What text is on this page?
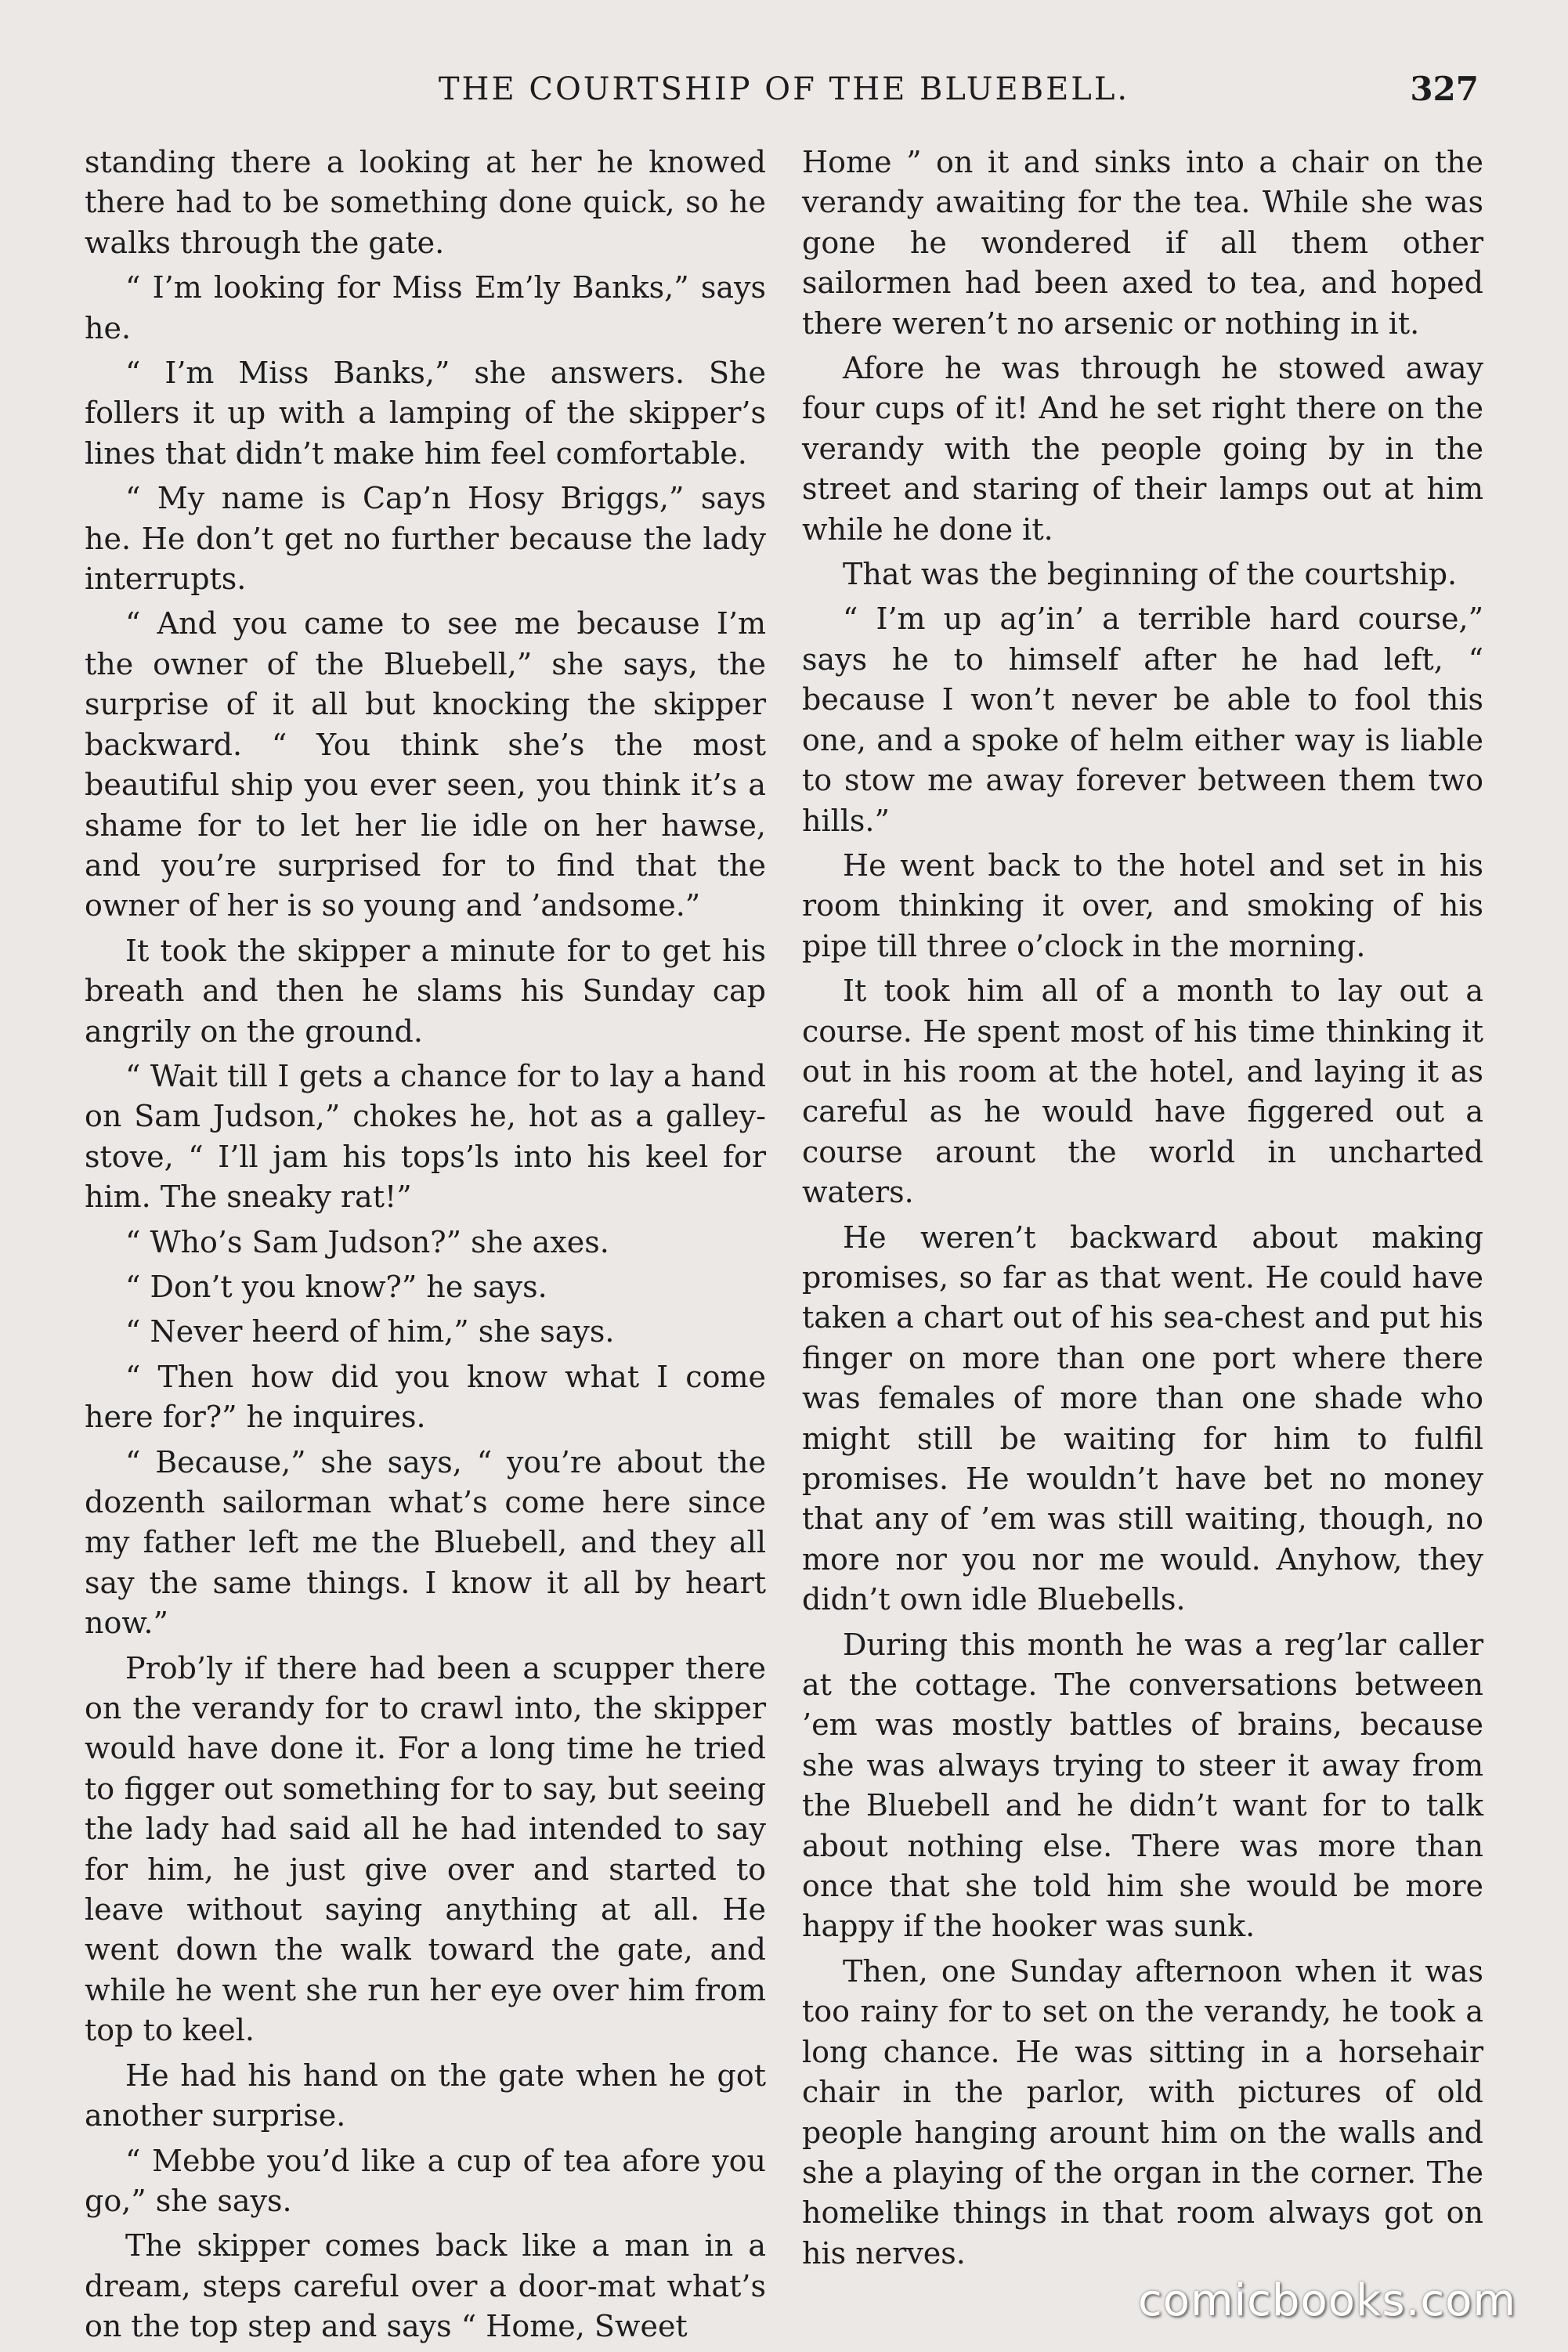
THE COURTSHIP OF THE BLUEBELL.	327

standing there a looking at her he knowed there had to be something done quick, so he walks through the gate.

“ I’m looking for Miss Em’ly Banks,” says he.

“ I’m Miss Banks,” she answers. She follers it up with a lamping of the skipper’s lines that didn’t make him feel comfortable.

“ My name is Cap’n Hosy Briggs,” says he. He don’t get no further because the lady interrupts.

“ And you came to see me because I’m the owner of the Bluebell,” she says, the surprise of it all but knocking the skipper backward. “ You think she’s the most beautiful ship you ever seen, you think it’s a shame for to let her lie idle on her hawse, and you’re surprised for to find that the owner of her is so young and ’andsome.”

It took the skipper a minute for to get his breath and then he slams his Sunday cap angrily on the ground.

“ Wait till I gets a chance for to lay a hand on Sam Judson,” chokes he, hot as a galley-stove, “ I’ll jam his tops’ls into his keel for him. The sneaky rat!”

“ Who’s Sam Judson?” she axes.

“ Don’t you know?” he says.

“ Never heerd of him,” she says.

“ Then how did you know what I come here for?” he inquires.

“ Because,” she says, “ you’re about the dozenth sailorman what’s come here since my father left me the Bluebell, and they all say the same things. I know it all by heart now.”

Prob’ly if there had been a scupper there on the verandy for to crawl into, the skipper would have done it. For a long time he tried to figger out something for to say, but seeing the lady had said all he had intended to say for him, he just give over and started to leave without saying anything at all. He went down the walk toward the gate, and while he went she run her eye over him from top to keel.

He had his hand on the gate when he got another surprise.

“ Mebbe you’d like a cup of tea afore you go,” she says.

The skipper comes back like a man in a dream, steps careful over a door-mat what’s on the top step and says “ Home, Sweet

Home ” on it and sinks into a chair on the verandy awaiting for the tea. While she was gone he wondered if all them other sailormen had been axed to tea, and hoped there weren’t no arsenic or nothing in it.

Afore he was through he stowed away four cups of it! And he set right there on the verandy with the people going by in the street and staring of their lamps out at him while he done it.

That was the beginning of the courtship.

“ I’m up ag’in’ a terrible hard course,” says he to himself after he had left, “ because I won’t never be able to fool this one, and a spoke of helm either way is liable to stow me away forever between them two hills.”

He went back to the hotel and set in his room thinking it over, and smoking of his pipe till three o’clock in the morning.

It took him all of a month to lay out a course. He spent most of his time thinking it out in his room at the hotel, and laying it as careful as he would have figgered out a course arount the world in uncharted waters.

He weren’t backward about making promises, so far as that went. He could have taken a chart out of his sea-chest and put his finger on more than one port where there was females of more than one shade who might still be waiting for him to fulfil promises. He wouldn’t have bet no money that any of ’em was still waiting, though, no more nor you nor me would. Anyhow, they didn’t own idle Bluebells.

During this month he was a reg’lar caller at the cottage. The conversations between ’em was mostly battles of brains, because she was always trying to steer it away from the Bluebell and he didn’t want for to talk about nothing else. There was more than once that she told him she would be more happy if the hooker was sunk.

Then, one Sunday afternoon when it was too rainy for to set on the verandy, he took a long chance. He was sitting in a horsehair chair in the parlor, with pictures of old people hanging arount him on the walls and she a playing of the organ in the corner. The homelike things in that room always got on his nerves.

comicbooks.com
